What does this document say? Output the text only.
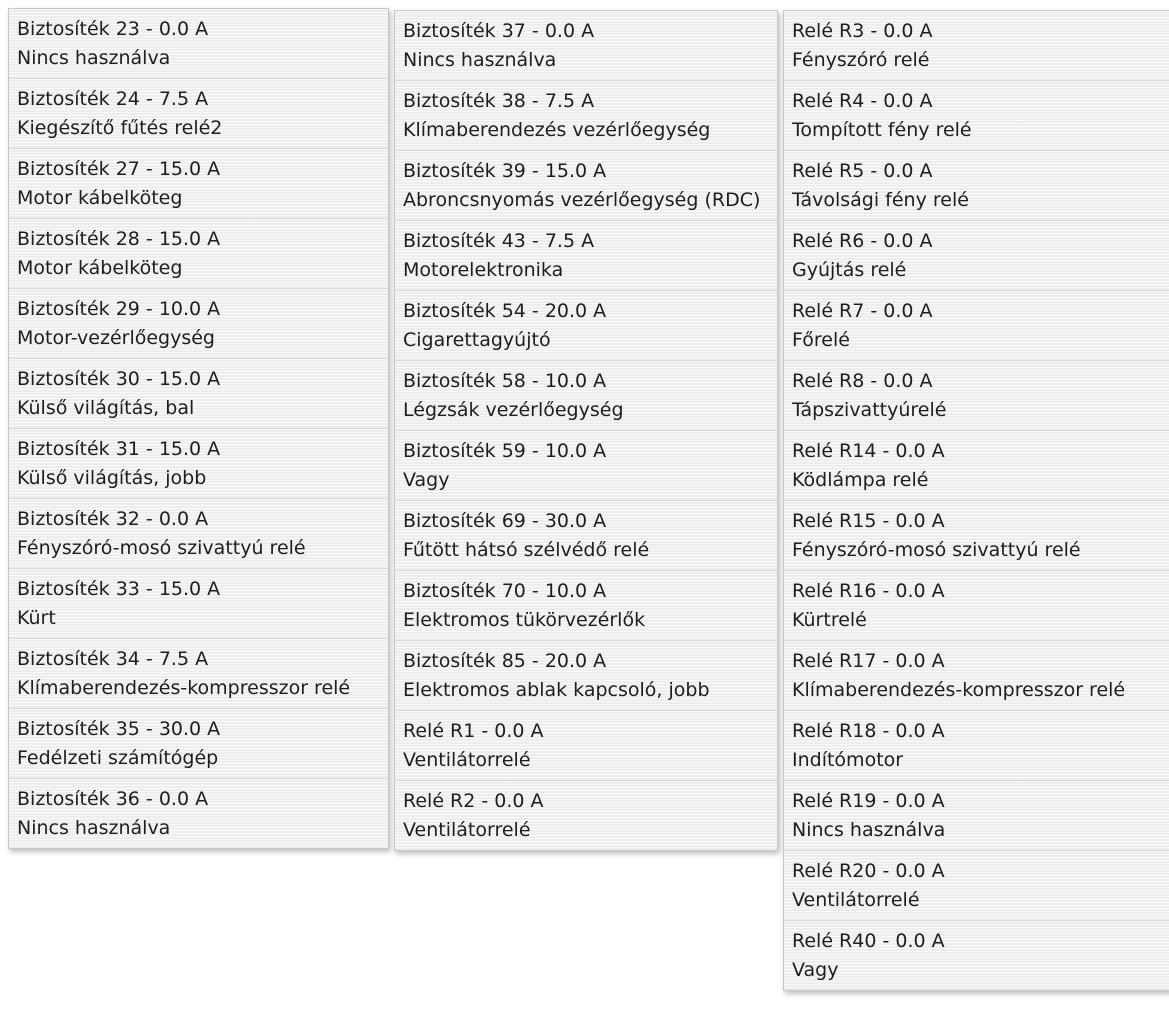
Biztosíték 23 - 0.0 A
Nincs használva
Biztosíték 24 - 7.5 A
Kiegészítő fűtés relé2
Biztosíték 27 - 15.0 A
Motor kábelköteg
Biztosíték 28 - 15.0 A
Motor kábelköteg
Biztosíték 29 - 10.0 A
Motor-vezérlőegység
Biztosíték 30 - 15.0 A
Külső világítás, bal
Biztosíték 31 - 15.0 A
Külső világítás, jobb
Biztosíték 32 - 0.0 A
Fényszóró-mosó szivattyú relé
Biztosíték 33 - 15.0 A
Kürt
Biztosíték 34 - 7.5 A
Klímaberendezés-kompresszor relé
Biztosíték 35 - 30.0 A
Fedélzeti számítógép
Biztosíték 36 - 0.0 A
Nincs használva
Biztosíték 37 - 0.0 A
Nincs használva
Biztosíték 38 - 7.5 A
Klímaberendezés vezérlőegység
Biztosíték 39 - 15.0 A
Abroncsnyomás vezérlőegység (RDC)
Biztosíték 43 - 7.5 A
Motorelektronika
Biztosíték 54 - 20.0 A
Cigarettagyújtó
Biztosíték 58 - 10.0 A
Légzsák vezérlőegység
Biztosíték 59 - 10.0 A
Vagy
Biztosíték 69 - 30.0 A
Fűtött hátsó szélvédő relé
Biztosíték 70 - 10.0 A
Elektromos tükörvezérlők
Biztosíték 85 - 20.0 A
Elektromos ablak kapcsoló, jobb
Relé R1 - 0.0 A
Ventilátorrelé
Relé R2 - 0.0 A
Ventilátorrelé
Relé R3 - 0.0 A
Fényszóró relé
Relé R4 - 0.0 A
Tompított fény relé
Relé R5 - 0.0 A
Távolsági fény relé
Relé R6 - 0.0 A
Gyújtás relé
Relé R7 - 0.0 A
Főrelé
Relé R8 - 0.0 A
Tápszivattyúrelé
Relé R14 - 0.0 A
Ködlámpa relé
Relé R15 - 0.0 A
Fényszóró-mosó szivattyú relé
Relé R16 - 0.0 A
Kürtrelé
Relé R17 - 0.0 A
Klímaberendezés-kompresszor relé
Relé R18 - 0.0 A
Indítómotor
Relé R19 - 0.0 A
Nincs használva
Relé R20 - 0.0 A
Ventilátorrelé
Relé R40 - 0.0 A
Vagy
